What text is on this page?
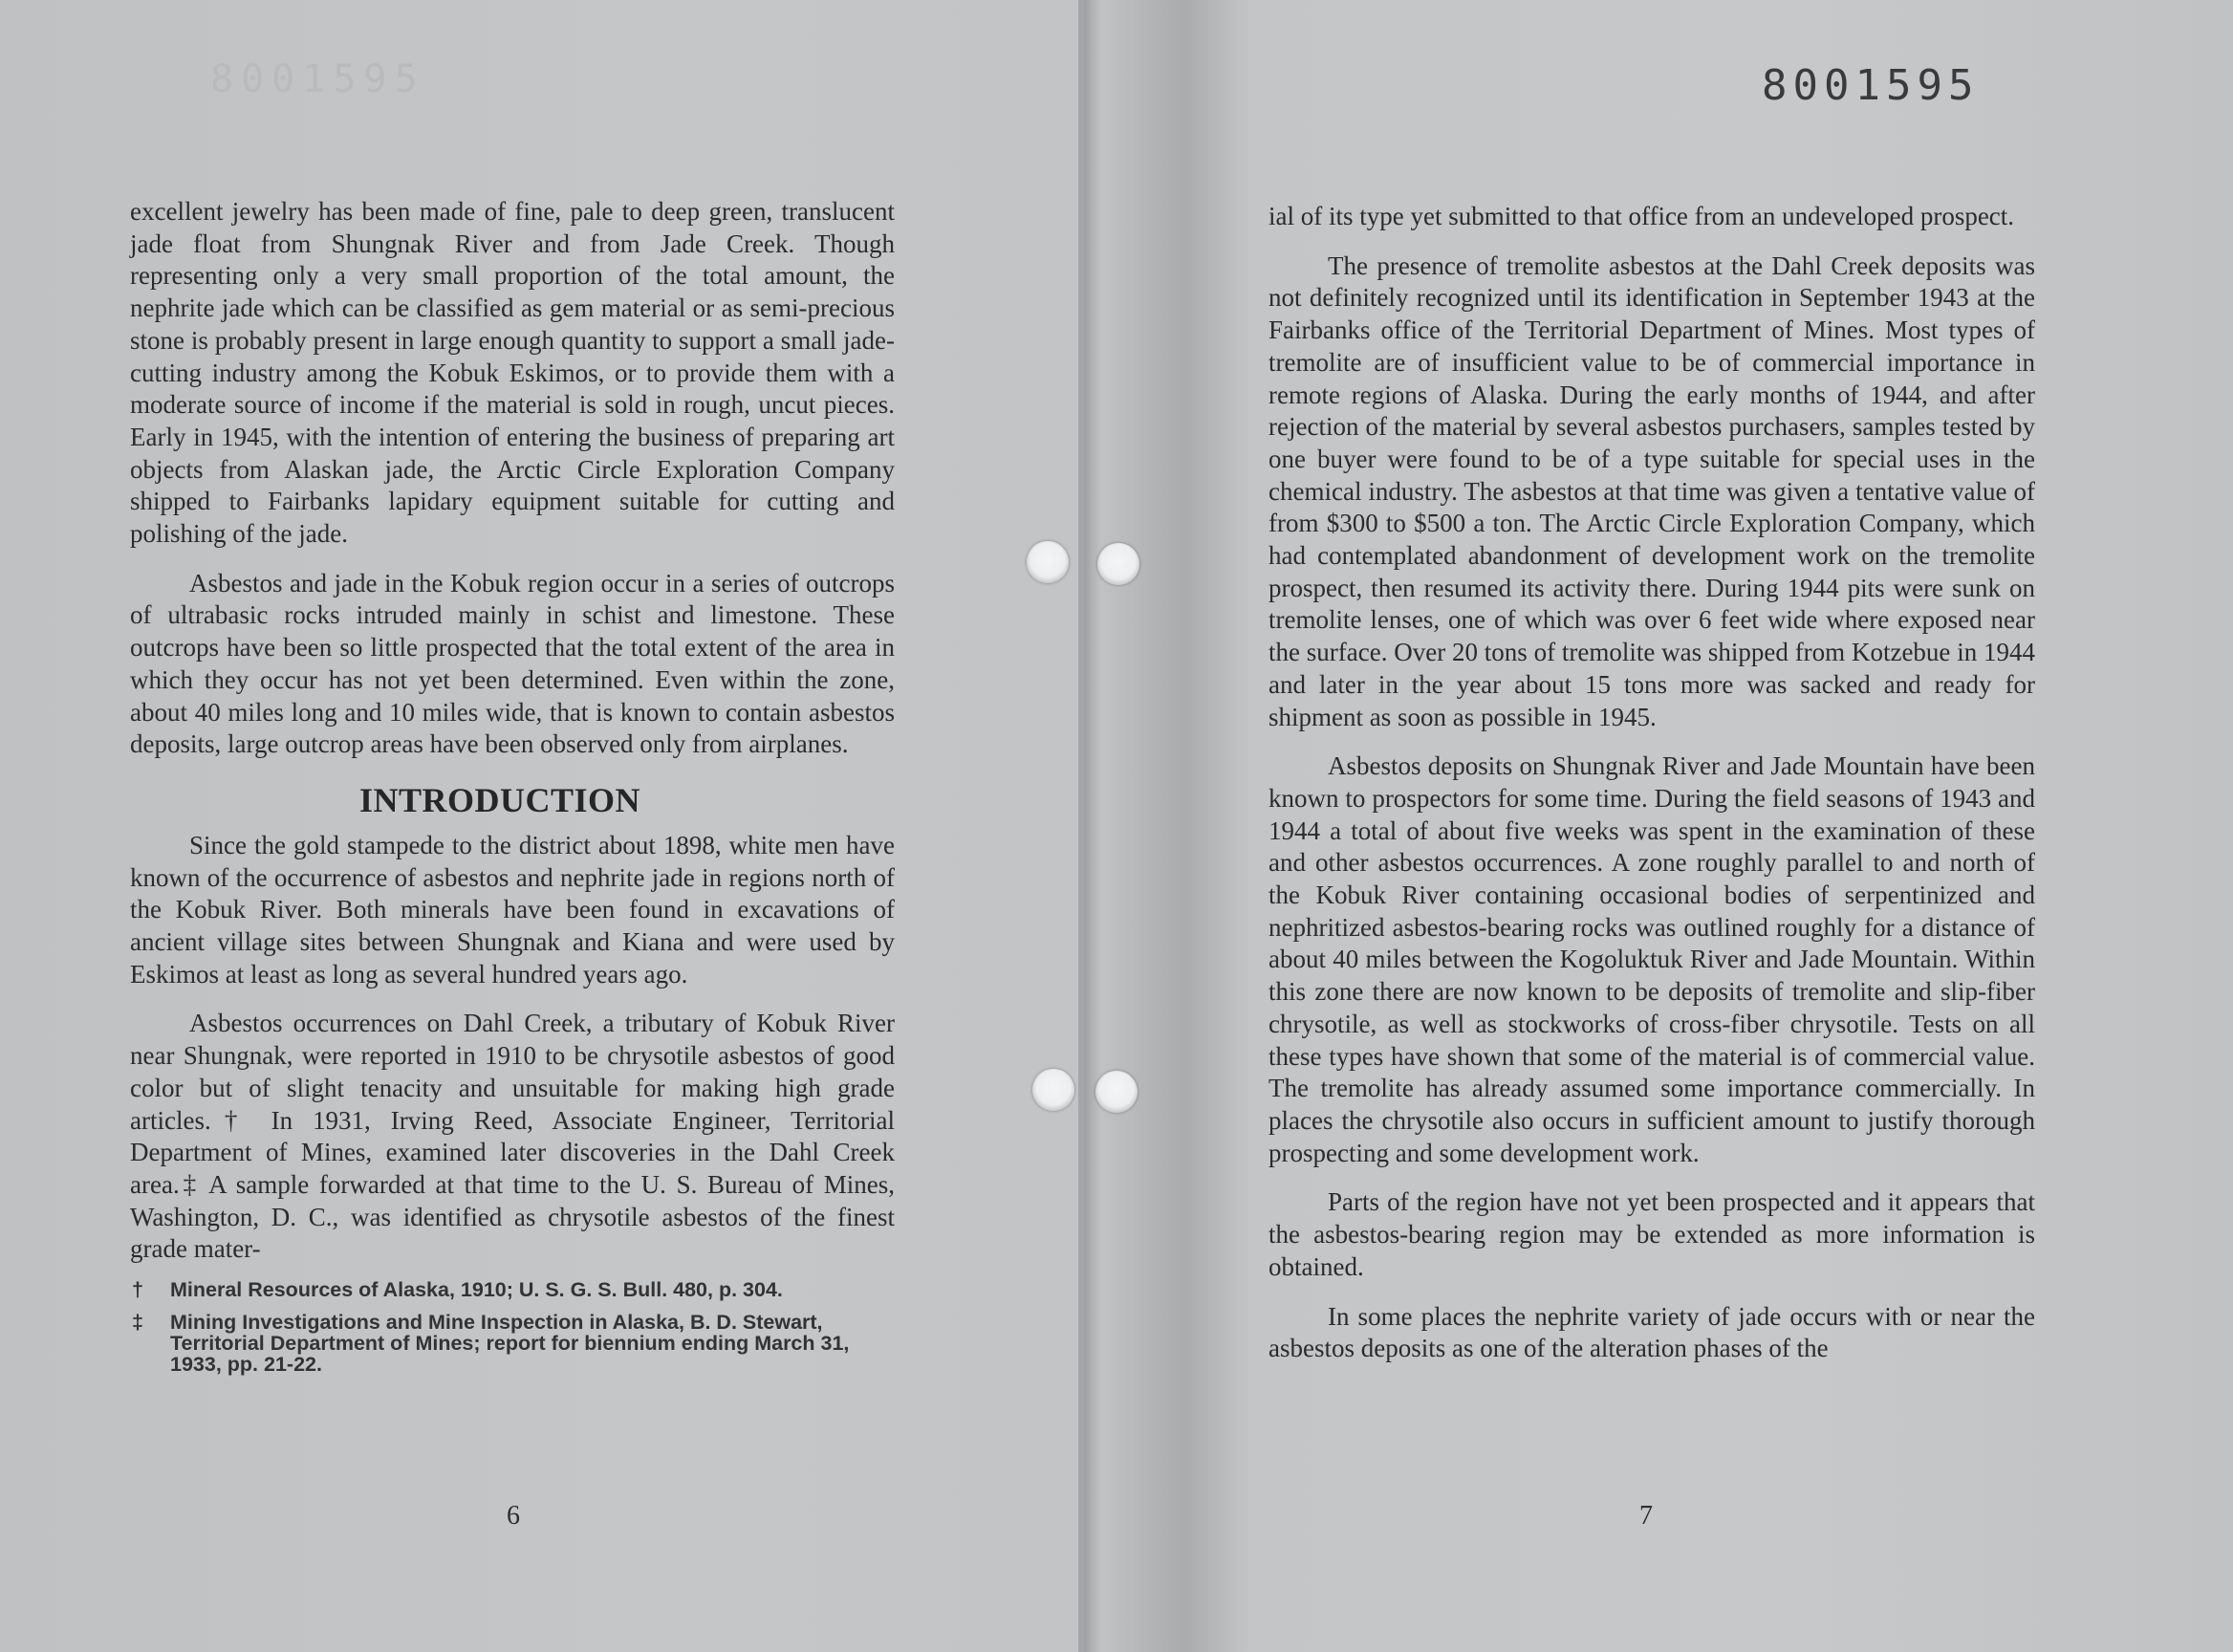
8001595	8001595

excellent jewelry has been made of fine, pale to deep green, translucent jade float from Shungnak River and from Jade Creek. Though representing only a very small proportion of the total amount, the nephrite jade which can be classified as gem material or as semi-precious stone is probably present in large enough quantity to support a small jade-cutting industry among the Kobuk Eskimos, or to provide them with a moderate source of income if the material is sold in rough, uncut pieces. Early in 1945, with the intention of entering the business of preparing art objects from Alaskan jade, the Arctic Circle Exploration Company shipped to Fairbanks lapidary equipment suitable for cutting and polishing of the jade.

Asbestos and jade in the Kobuk region occur in a series of outcrops of ultrabasic rocks intruded mainly in schist and limestone. These outcrops have been so little prospected that the total extent of the area in which they occur has not yet been determined. Even within the zone, about 40 miles long and 10 miles wide, that is known to contain asbestos deposits, large outcrop areas have been observed only from airplanes.

INTRODUCTION

Since the gold stampede to the district about 1898, white men have known of the occurrence of asbestos and nephrite jade in regions north of the Kobuk River. Both minerals have been found in excavations of ancient village sites between Shungnak and Kiana and were used by Eskimos at least as long as several hundred years ago.

Asbestos occurrences on Dahl Creek, a tributary of Kobuk River near Shungnak, were reported in 1910 to be chrysotile asbestos of good color but of slight tenacity and unsuitable for making high grade articles.† In 1931, Irving Reed, Associate Engineer, Territorial Department of Mines, examined later discoveries in the Dahl Creek area.‡ A sample forwarded at that time to the U. S. Bureau of Mines, Washington, D. C., was identified as chrysotile asbestos of the finest grade mater-

†	Mineral Resources of Alaska, 1910; U. S. G. S. Bull. 480, p. 304.
‡	Mining Investigations and Mine Inspection in Alaska, B. D. Stewart, Territorial Department of Mines; report for biennium ending March 31, 1933, pp. 21-22.
6

ial of its type yet submitted to that office from an undeveloped prospect.

The presence of tremolite asbestos at the Dahl Creek deposits was not definitely recognized until its identification in September 1943 at the Fairbanks office of the Territorial Department of Mines. Most types of tremolite are of insufficient value to be of commercial importance in remote regions of Alaska. During the early months of 1944, and after rejection of the material by several asbestos purchasers, samples tested by one buyer were found to be of a type suitable for special uses in the chemical industry. The asbestos at that time was given a tentative value of from $300 to $500 a ton. The Arctic Circle Exploration Company, which had contemplated abandonment of development work on the tremolite prospect, then resumed its activity there. During 1944 pits were sunk on tremolite lenses, one of which was over 6 feet wide where exposed near the surface. Over 20 tons of tremolite was shipped from Kotzebue in 1944 and later in the year about 15 tons more was sacked and ready for shipment as soon as possible in 1945.

Asbestos deposits on Shungnak River and Jade Mountain have been known to prospectors for some time. During the field seasons of 1943 and 1944 a total of about five weeks was spent in the examination of these and other asbestos occurrences. A zone roughly parallel to and north of the Kobuk River containing occasional bodies of serpentinized and nephritized asbestos-bearing rocks was outlined roughly for a distance of about 40 miles between the Kogoluktuk River and Jade Mountain. Within this zone there are now known to be deposits of tremolite and slip-fiber chrysotile, as well as stockworks of cross-fiber chrysotile. Tests on all these types have shown that some of the material is of commercial value. The tremolite has already assumed some importance commercially. In places the chrysotile also occurs in sufficient amount to justify thorough prospecting and some development work.

Parts of the region have not yet been prospected and it appears that the asbestos-bearing region may be extended as more information is obtained.

In some places the nephrite variety of jade occurs with or near the asbestos deposits as one of the alteration phases of the

7
